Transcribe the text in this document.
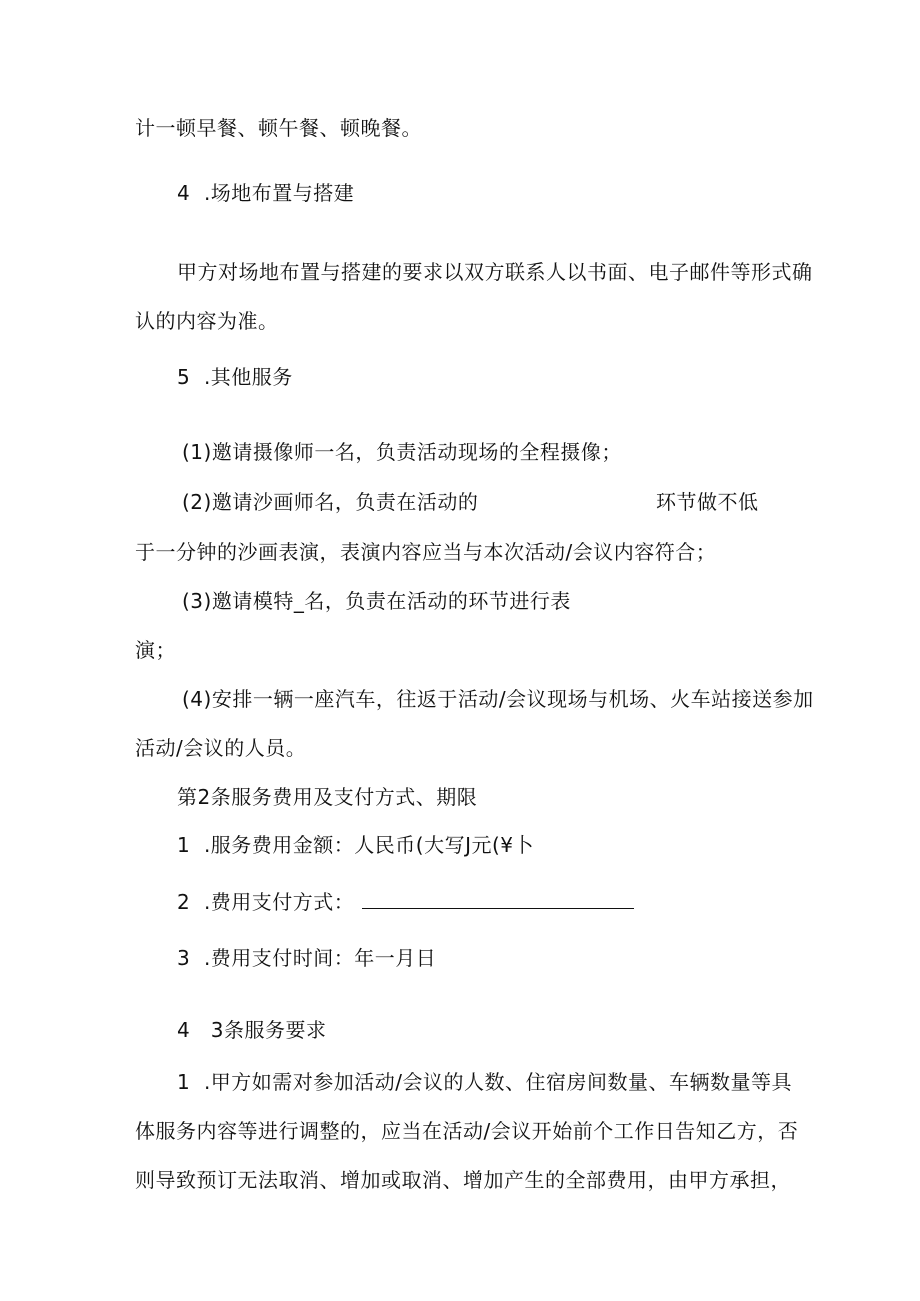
计一顿早餐、顿午餐、顿晚餐。
4  .场地布置与搭建
甲方对场地布置与搭建的要求以双方联系人以书面、电子邮件等形式确
认的内容为准。
5  .其他服务
(1)邀请摄像师一名，负责活动现场的全程摄像；
(2)邀请沙画师名，负责在活动的	环节做不低
于一分钟的沙画表演，表演内容应当与本次活动/会议内容符合；
(3)邀请模特_名，负责在活动的环节进行表
演；
(4)安排一辆一座汽车，往返于活动/会议现场与机场、火车站接送参加
活动/会议的人员。
第2条服务费用及支付方式、期限
1  .服务费用金额：人民币(大写J元(¥卜
2  .费用支付方式：
3  .费用支付时间：年一月日
4   3条服务要求
1  .甲方如需对参加活动/会议的人数、住宿房间数量、车辆数量等具
体服务内容等进行调整的，应当在活动/会议开始前个工作日告知乙方，否
则导致预订无法取消、增加或取消、增加产生的全部费用，由甲方承担，
